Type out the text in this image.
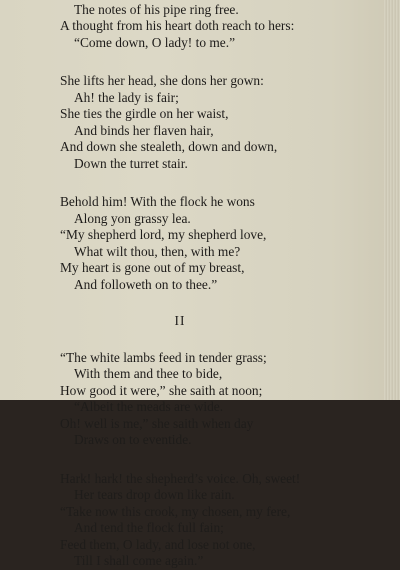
The notes of his pipe ring free.
A thought from his heart doth reach to hers:
“Come down, O lady! to me.”
She lifts her head, she dons her gown:
Ah! the lady is fair;
She ties the girdle on her waist,
And binds her flaven hair,
And down she stealeth, down and down,
Down the turret stair.
Behold him! With the flock he wons
Along yon grassy lea.
“My shepherd lord, my shepherd love,
What wilt thou, then, with me?
My heart is gone out of my breast,
And followeth on to thee.”
II
“The white lambs feed in tender grass;
With them and thee to bide,
How good it were,” she saith at noon;
“Albeit the meads are wide.
Oh! well is me,” she saith when day
Draws on to eventide.
Hark! hark! the shepherd’s voice. Oh, sweet!
Her tears drop down like rain.
“Take now this crook, my chosen, my fere,
And tend the flock full fain;
Feed them, O lady, and lose not one,
Till I shall come again.”
